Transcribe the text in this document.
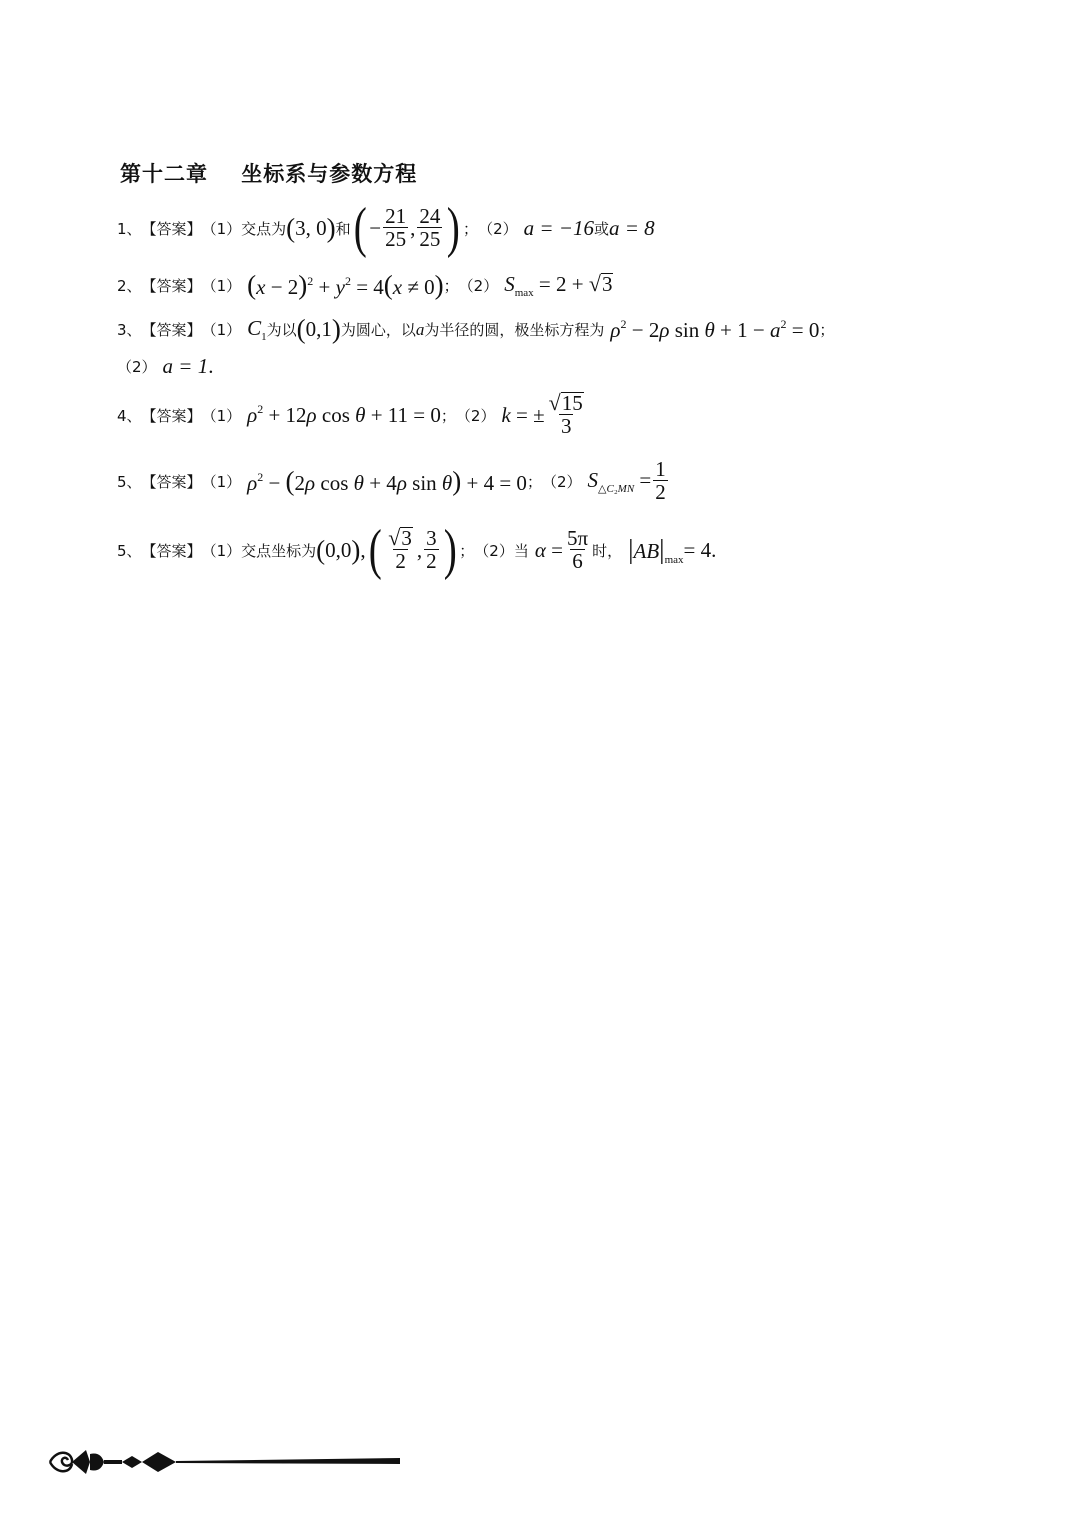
第十二章    坐标系与参数方程
1、 【答案】 （1） 交点为 ( 3, 0 ) 和 ( − $\frac{21}{25}$ , $\frac{24}{25}$ ) ； （2） a = −16 或 a = 8
2、 【答案】 （1） $(x - 2)^2 + y^2 = 4(x \ne 0)$ ； （2） $S_{max} = 2$ + √ 3
3、 【答案】 （1） $C_1$ 为以 ( 0,1 ) 为圆心，以 a 为半径的圆，极坐标方程为 $\rho^2 - 2\rho$ $\sin \theta + 1 - a^2 = 0$ ；
（2） a = 1 .
4、 【答案】 （1） $\rho^2 + 12\rho$ cos θ + 11 = 0 ； （2） k = ± $\frac{√ 15}{3}$
5、 【答案】 （1） $\rho^2 - (2\rho$ cos θ + 4ρ sin θ) + 4 = 0 ； （2） $S_{\triangle C_2MN} = \frac{1}{2}$
5、 【答案】 （1） 交点坐标为 ( 0,0 ) , ( $\frac{√ 3}{2}$ , $\frac{3}{2}$ ) ； （2） 当 $\alpha = \frac{5\pi}{6}$ 时， $|AB|_{max} = 4$ .
